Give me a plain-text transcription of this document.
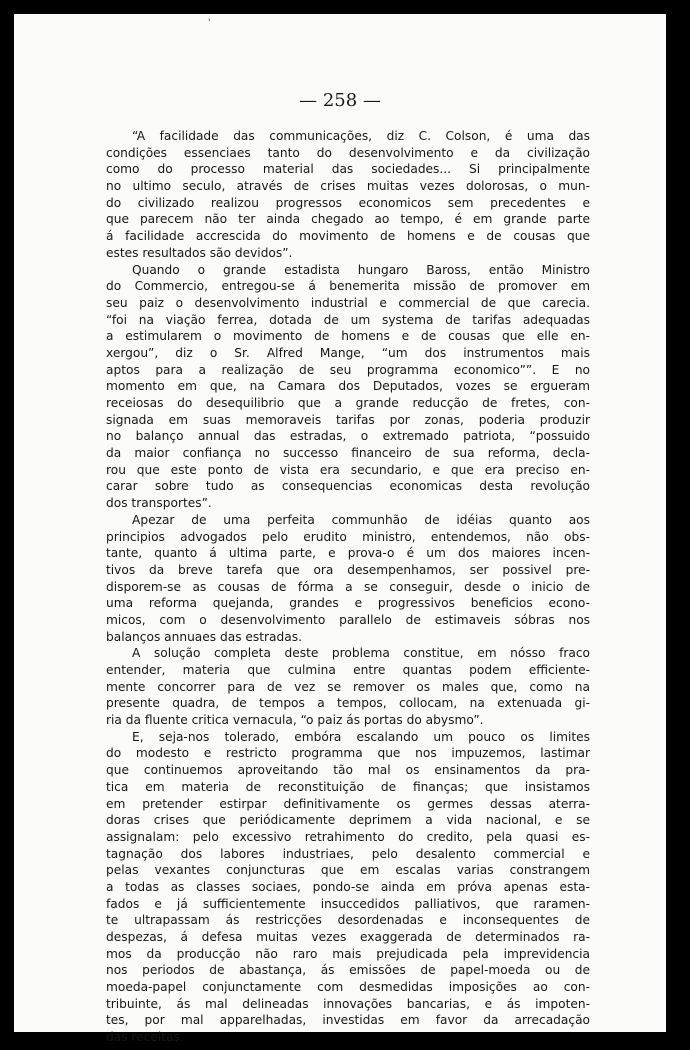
— 258 —
'
“A facilidade das communicações, diz C. Colson, é uma das
condições essenciaes tanto do desenvolvimento e da civilização
como do processo material das sociedades... Si principalmente
no ultimo seculo, através de crises muitas vezes dolorosas, o mun-
do civilizado realizou progressos economicos sem precedentes e
que parecem não ter ainda chegado ao tempo, é em grande parte
á facilidade accrescida do movimento de homens e de cousas que
estes resultados são devidos”.
Quando o grande estadista hungaro Baross, então Ministro
do Commercio, entregou-se á benemerita missão de promover em
seu paiz o desenvolvimento industrial e commercial de que carecia.
“foi na viação ferrea, dotada de um systema de tarifas adequadas
a estimularem o movimento de homens e de cousas que elle en-
xergou”, diz o Sr. Alfred Mange, “um dos instrumentos mais
aptos para a realização de seu programma economico””. E no
momento em que, na Camara dos Deputados, vozes se ergueram
receiosas do desequilibrio que a grande reducção de fretes, con-
signada em suas memoraveis tarifas por zonas, poderia produzir
no balanço annual das estradas, o extremado patriota, “possuido
da maior confiança no successo financeiro de sua reforma, decla-
rou que este ponto de vista era secundario, e que era preciso en-
carar sobre tudo as consequencias economicas desta revolução
dos transportes”.
Apezar de uma perfeita communhão de idéias quanto aos
principios advogados pelo erudito ministro, entendemos, não obs-
tante, quanto á ultima parte, e prova-o é um dos maiores incen-
tivos da breve tarefa que ora desempenhamos, ser possivel pre-
disporem-se as cousas de fórma a se conseguir, desde o inicio de
uma reforma quejanda, grandes e progressivos beneficios econo-
micos, com o desenvolvimento parallelo de estimaveis sóbras nos
balanços annuaes das estradas.
A solução completa deste problema constitue, em nósso fraco
entender, materia que culmina entre quantas podem efficiente-
mente concorrer para de vez se remover os males que, como na
presente quadra, de tempos a tempos, collocam, na extenuada gi-
ria da fluente critica vernacula, “o paiz ás portas do abysmo”.
E, seja-nos tolerado, embóra escalando um pouco os limites
do modesto e restricto programma que nos impuzemos, lastimar
que continuemos aproveitando tão mal os ensinamentos da pra-
tica em materia de reconstituição de finanças; que insistamos
em pretender estirpar definitivamente os germes dessas aterra-
doras crises que periódicamente deprimem a vida nacional, e se
assignalam: pelo excessivo retrahimento do credito, pela quasi es-
tagnação dos labores industriaes, pelo desalento commercial e
pelas vexantes conjuncturas que em escalas varias constrangem
a todas as classes sociaes, pondo-se ainda em próva apenas esta-
fados e já sufficientemente insuccedidos palliativos, que raramen-
te ultrapassam ás restricções desordenadas e inconsequentes de
despezas, á defesa muitas vezes exaggerada de determinados ra-
mos da producção não raro mais prejudicada pela imprevidencia
nos periodos de abastança, ás emissões de papel-moeda ou de
moeda-papel conjunctamente com desmedidas imposições ao con-
tribuinte, ás mal delineadas innovações bancarias, e ás impoten-
tes, por mal apparelhadas, investidas em favor da arrecadação
das receitas.
